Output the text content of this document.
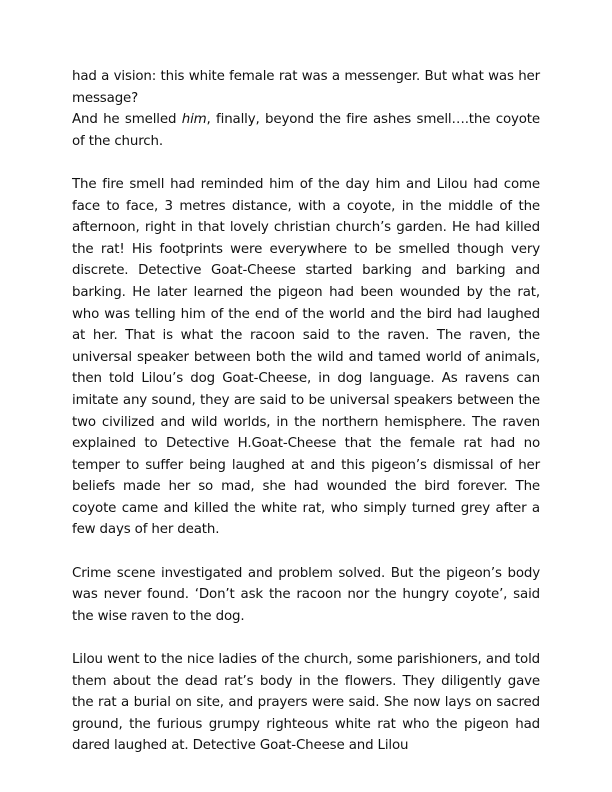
had a vision: this white female rat was a messenger. But what was her message?

And he smelled him, finally, beyond the fire ashes smell….the coyote of the church.

The fire smell had reminded him of the day him and Lilou had come face to face, 3 metres distance, with a coyote, in the middle of the afternoon, right in that lovely christian church’s garden. He had killed the rat! His footprints were everywhere to be smelled though very discrete. Detective Goat-Cheese started barking and barking and barking. He later learned the pigeon had been wounded by the rat, who was telling him of the end of the world and the bird had laughed at her. That is what the racoon said to the raven. The raven, the universal speaker between both the wild and tamed world of animals, then told Lilou’s dog Goat-Cheese, in dog language. As ravens can imitate any sound, they are said to be universal speakers between the two civilized and wild worlds, in the northern hemisphere. The raven explained to Detective H.Goat-Cheese that the female rat had no temper to suffer being laughed at and this pigeon’s dismissal of her beliefs made her so mad, she had wounded the bird forever. The coyote came and killed the white rat, who simply turned grey after a few days of her death.

Crime scene investigated and problem solved. But the pigeon’s body was never found. ‘Don’t ask the racoon nor the hungry coyote’, said the wise raven to the dog.

Lilou went to the nice ladies of the church, some parishioners, and told them about the dead rat’s body in the flowers. They diligently gave the rat a burial on site, and prayers were said. She now lays on sacred ground, the furious grumpy righteous white rat who the pigeon had dared laughed at. Detective Goat-Cheese and Lilou
